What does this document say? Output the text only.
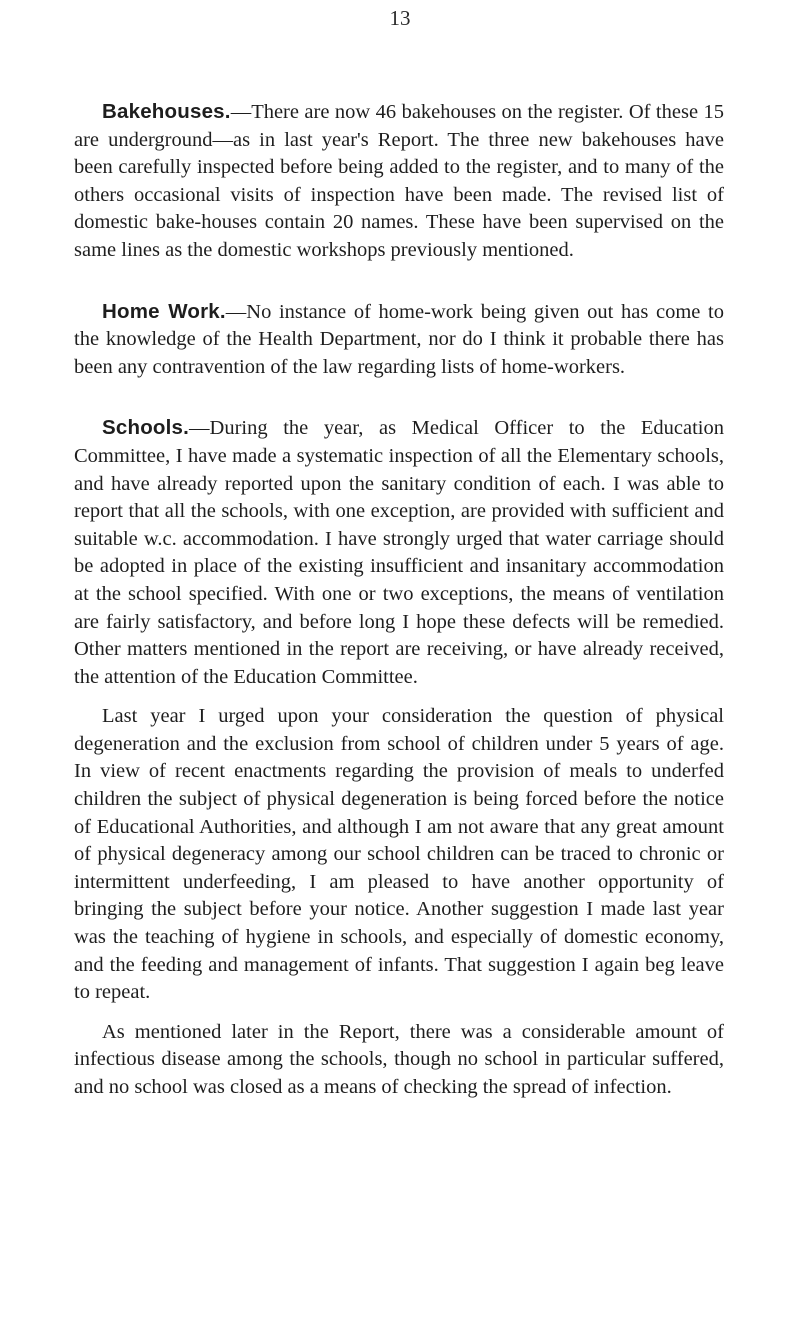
13

Bakehouses.—There are now 46 bakehouses on the register. Of these 15 are underground—as in last year's Report. The three new bakehouses have been carefully inspected before being added to the register, and to many of the others occasional visits of inspection have been made. The revised list of domestic bake-houses contain 20 names. These have been supervised on the same lines as the domestic workshops previously mentioned.

Home Work.—No instance of home-work being given out has come to the knowledge of the Health Department, nor do I think it probable there has been any contravention of the law regarding lists of home-workers.

Schools.—During the year, as Medical Officer to the Education Committee, I have made a systematic inspection of all the Elementary schools, and have already reported upon the sanitary condition of each. I was able to report that all the schools, with one exception, are provided with sufficient and suitable w.c. accommodation. I have strongly urged that water carriage should be adopted in place of the existing insufficient and insanitary accommodation at the school specified. With one or two exceptions, the means of ventilation are fairly satisfactory, and before long I hope these defects will be remedied. Other matters mentioned in the report are receiving, or have already received, the attention of the Education Committee.

Last year I urged upon your consideration the question of physical degeneration and the exclusion from school of children under 5 years of age. In view of recent enactments regarding the provision of meals to underfed children the subject of physical degeneration is being forced before the notice of Educational Authorities, and although I am not aware that any great amount of physical degeneracy among our school children can be traced to chronic or intermittent underfeeding, I am pleased to have another opportunity of bringing the subject before your notice. Another suggestion I made last year was the teaching of hygiene in schools, and especially of domestic economy, and the feeding and management of infants. That suggestion I again beg leave to repeat.

As mentioned later in the Report, there was a considerable amount of infectious disease among the schools, though no school in particular suffered, and no school was closed as a means of checking the spread of infection.
